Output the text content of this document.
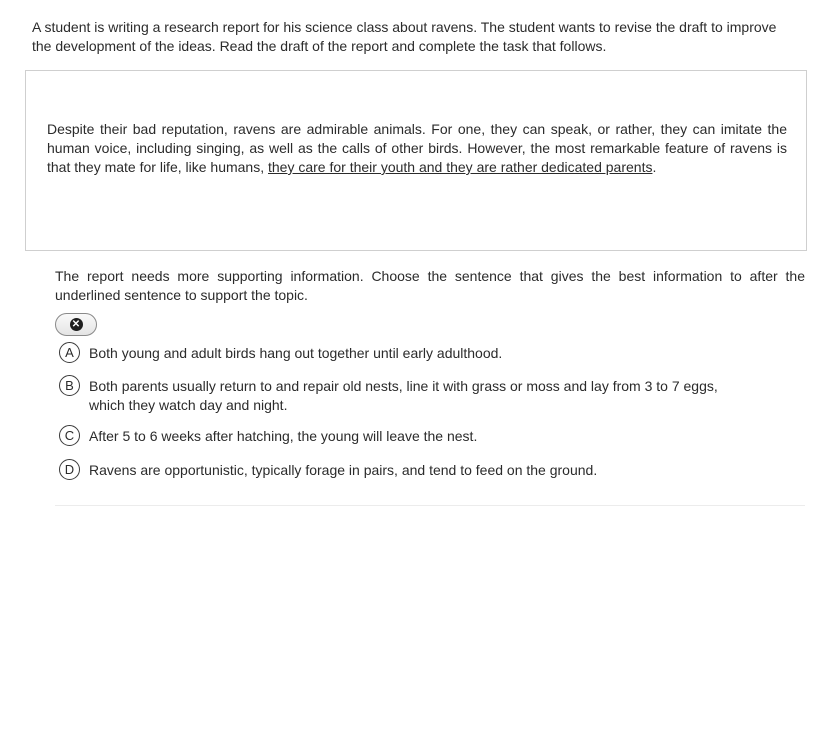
A student is writing a research report for his science class about ravens. The student wants to revise the draft to improve the development of the ideas. Read the draft of the report and complete the task that follows.

Despite their bad reputation, ravens are admirable animals. For one, they can speak, or rather, they can imitate the human voice, including singing, as well as the calls of other birds. However, the most remarkable feature of ravens is that they mate for life, like humans, they care for their youth and they are rather dedicated parents.

The report needs more supporting information. Choose the sentence that gives the best information to after the underlined sentence to support the topic.
✕
A	Both young and adult birds hang out together until early adulthood.
B	Both parents usually return to and repair old nests, line it with grass or moss and lay from 3 to 7 eggs, which they watch day and night.
C	After 5 to 6 weeks after hatching, the young will leave the nest.
D	Ravens are opportunistic, typically forage in pairs, and tend to feed on the ground.
